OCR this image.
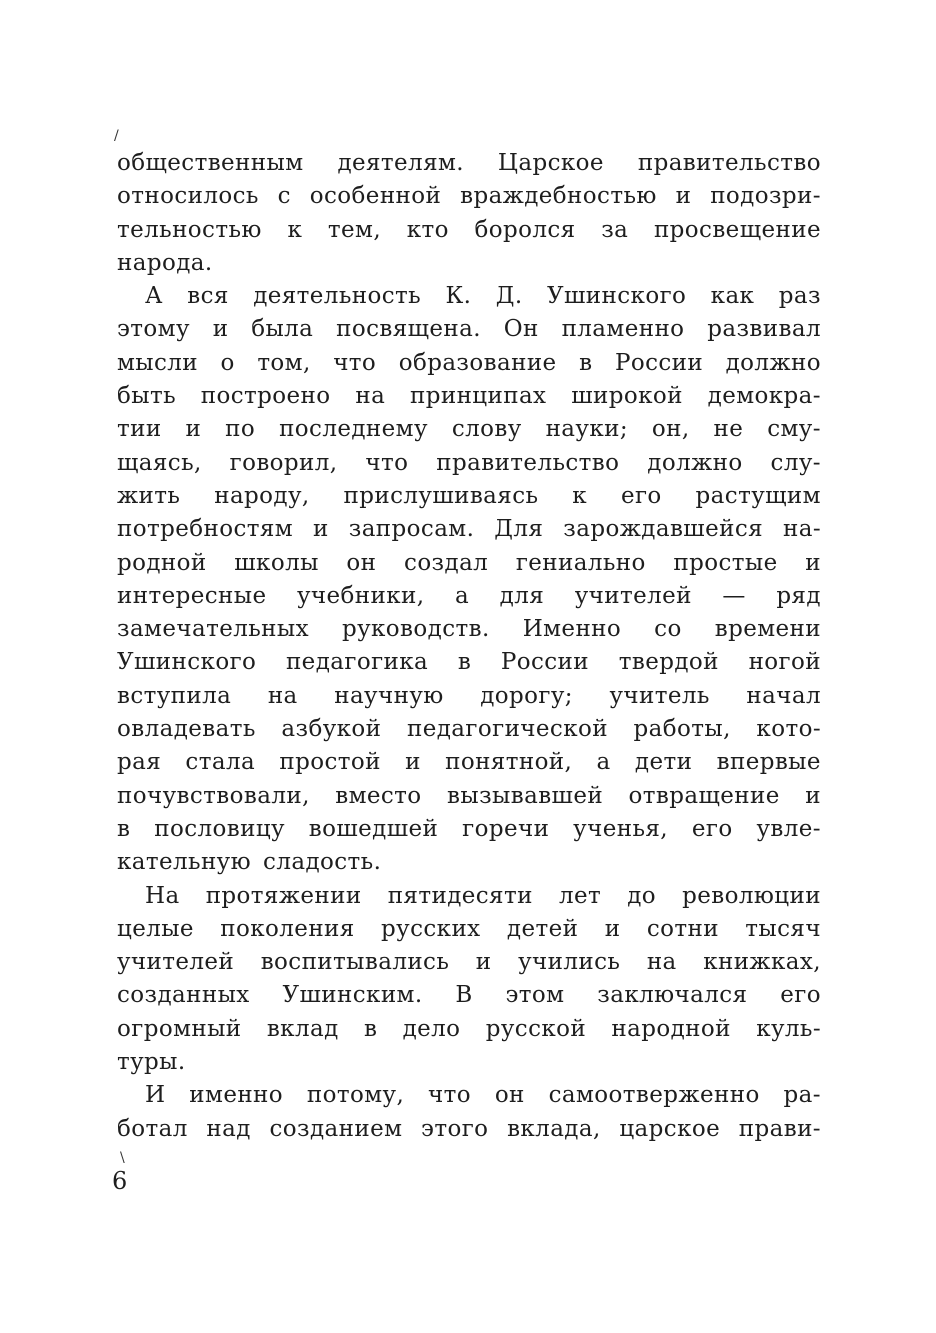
/
общественным деятелям. Царское правительство
относилось с особенной враждебностью и подозри-
тельностью к тем, кто боролся за просвещение
народа.
А вся деятельность К. Д. Ушинского как раз
этому и была посвящена. Он пламенно развивал
мысли о том, что образование в России должно
быть построено на принципах широкой демокра-
тии и по последнему слову науки; он, не сму-
щаясь, говорил, что правительство должно слу-
жить народу, прислушиваясь к его растущим
потребностям и запросам. Для зарождавшейся на-
родной школы он создал гениально простые и
интересные учебники, а для учителей — ряд
замечательных руководств. Именно со времени
Ушинского педагогика в России твердой ногой
вступила на научную дорогу; учитель начал
овладевать азбукой педагогической работы, кото-
рая стала простой и понятной, а дети впервые
почувствовали, вместо вызывавшей отвращение и
в пословицу вошедшей горечи ученья, его увле-
кательную сладость.
На протяжении пятидесяти лет до революции
целые поколения русских детей и сотни тысяч
учителей воспитывались и учились на книжках,
созданных Ушинским. В этом заключался его
огромный вклад в дело русской народной куль-
туры.
И именно потому, что он самоотверженно ра-
ботал над созданием этого вклада, царское прави-
\
6
